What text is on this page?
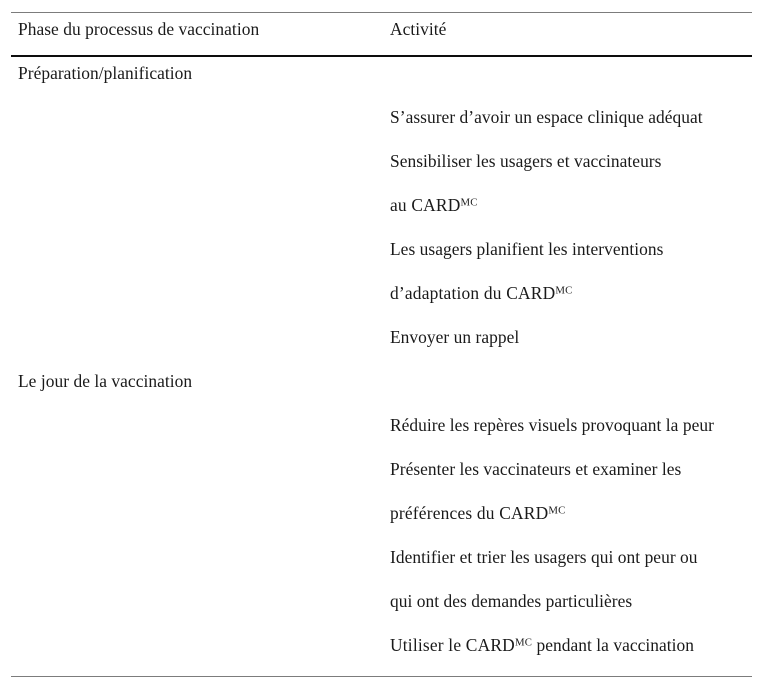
Phase du processus de vaccination	Activité
Préparation/planification
S’assurer d’avoir un espace clinique adéquat
Sensibiliser les usagers et vaccinateurs
au $CARD^{MC}$
Les usagers planifient les interventions
d’adaptation du $CARD^{MC}$
Envoyer un rappel
Le jour de la vaccination
Réduire les repères visuels provoquant la peur
Présenter les vaccinateurs et examiner les
préférences du $CARD^{MC}$
Identifier et trier les usagers qui ont peur ou
qui ont des demandes particulières
Utiliser le $CARD^{MC}$ pendant la vaccination
